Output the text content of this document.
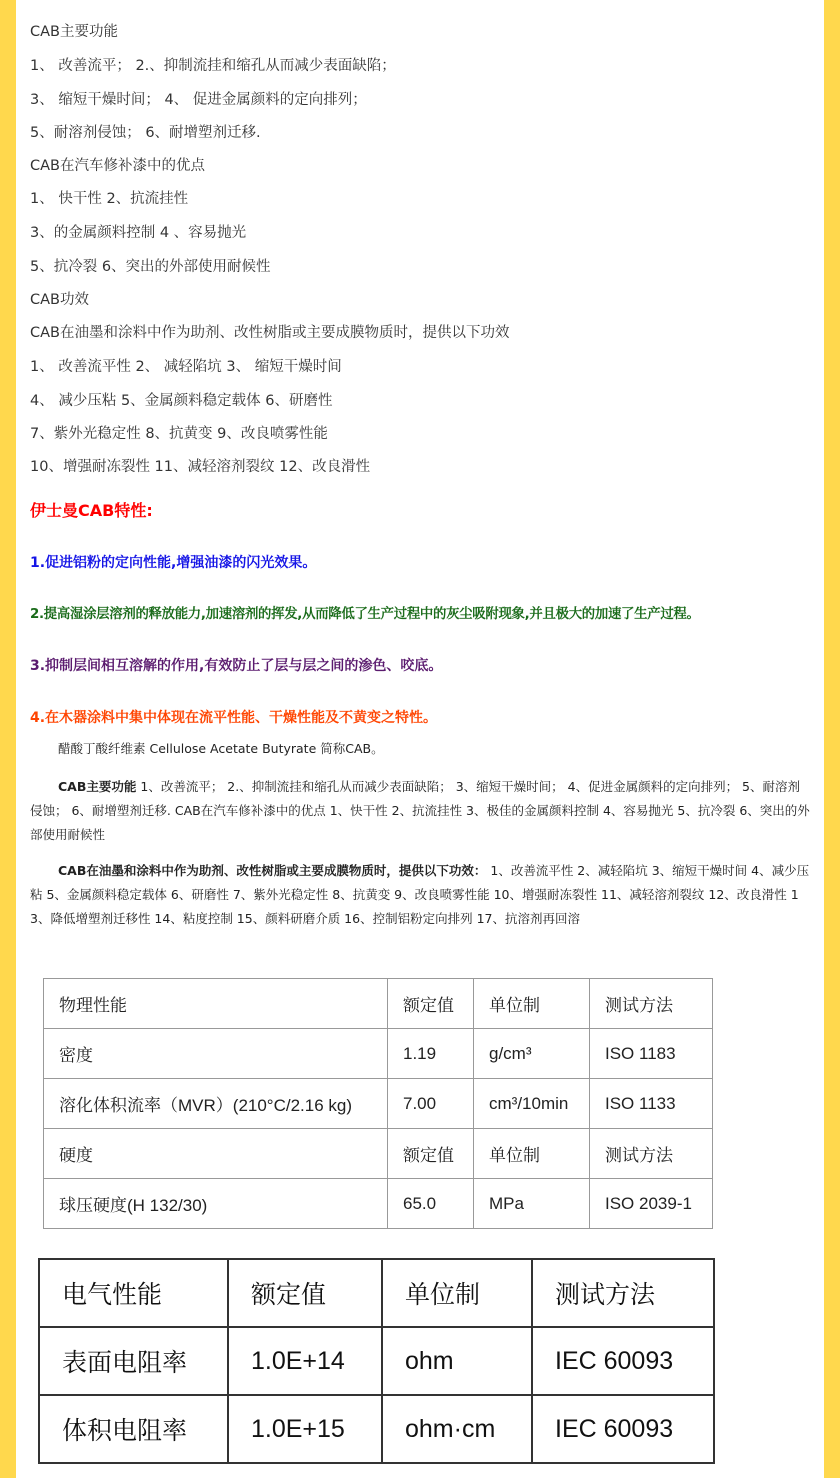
CAB主要功能
1、 改善流平； 2.、抑制流挂和缩孔从而减少表面缺陷；
3、 缩短干燥时间； 4、 促进金属颜料的定向排列；
5、耐溶剂侵蚀； 6、耐增塑剂迁移.
CAB在汽车修补漆中的优点
1、 快干性 2、抗流挂性
3、的金属颜料控制 4 、容易抛光
5、抗冷裂 6、突出的外部使用耐候性
CAB功效
CAB在油墨和涂料中作为助剂、改性树脂或主要成膜物质时，提供以下功效
1、 改善流平性 2、 减轻陷坑 3、 缩短干燥时间
4、 减少压粘 5、金属颜料稳定载体 6、研磨性
7、紫外光稳定性 8、抗黄变 9、改良喷雾性能
10、增强耐冻裂性 11、减轻溶剂裂纹 12、改良滑性
伊士曼CAB特性:
1.促进铝粉的定向性能,增强油漆的闪光效果。
2.提高湿涂层溶剂的释放能力,加速溶剂的挥发,从而降低了生产过程中的灰尘吸附现象,并且极大的加速了生产过程。
3.抑制层间相互溶解的作用,有效防止了层与层之间的渗色、咬底。
4.在木器涂料中集中体现在流平性能、干燥性能及不黄变之特性。
醋酸丁酸纤维素 Cellulose Acetate Butyrate 简称CAB。
CAB主要功能 1、改善流平； 2.、抑制流挂和缩孔从而减少表面缺陷； 3、缩短干燥时间； 4、促进金属颜料的定向排列； 5、耐溶剂侵蚀； 6、耐增塑剂迁移. CAB在汽车修补漆中的优点 1、快干性 2、抗流挂性 3、极佳的金属颜料控制 4、容易抛光 5、抗冷裂 6、突出的外部使用耐候性
CAB在油墨和涂料中作为助剂、改性树脂或主要成膜物质时，提供以下功效： 1、改善流平性 2、减轻陷坑 3、缩短干燥时间 4、减少压粘 5、金属颜料稳定载体 6、研磨性 7、紫外光稳定性 8、抗黄变 9、改良喷雾性能 10、增强耐冻裂性 11、减轻溶剂裂纹 12、改良滑性 13、降低增塑剂迁移性 14、粘度控制 15、颜料研磨介质 16、控制铝粉定向排列 17、抗溶剂再回溶
物理性能	额定值	单位制	测试方法
密度	1.19	g/cm³	ISO 1183
溶化体积流率（MVR）(210°C/2.16 kg)	7.00	cm³/10min	ISO 1133
硬度	额定值	单位制	测试方法
球压硬度(H 132/30)	65.0	MPa	ISO 2039-1
电气性能	额定值	单位制	测试方法
表面电阻率	1.0E+14	ohm	IEC 60093
体积电阻率	1.0E+15	ohm·cm	IEC 60093
